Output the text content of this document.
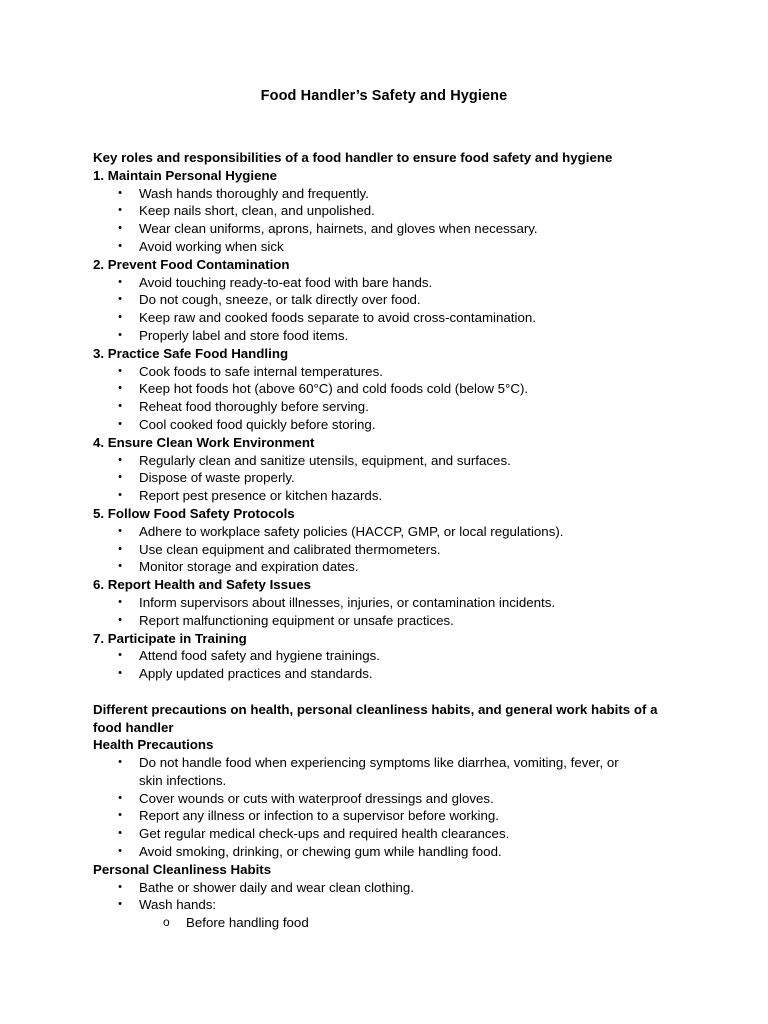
Food Handler’s Safety and Hygiene
Key roles and responsibilities of a food handler to ensure food safety and hygiene
1. Maintain Personal Hygiene
• Wash hands thoroughly and frequently.
• Keep nails short, clean, and unpolished.
• Wear clean uniforms, aprons, hairnets, and gloves when necessary.
• Avoid working when sick
2. Prevent Food Contamination
• Avoid touching ready-to-eat food with bare hands.
• Do not cough, sneeze, or talk directly over food.
• Keep raw and cooked foods separate to avoid cross-contamination.
• Properly label and store food items.
3. Practice Safe Food Handling
• Cook foods to safe internal temperatures.
• Keep hot foods hot (above 60°C) and cold foods cold (below 5°C).
• Reheat food thoroughly before serving.
• Cool cooked food quickly before storing.
4. Ensure Clean Work Environment
• Regularly clean and sanitize utensils, equipment, and surfaces.
• Dispose of waste properly.
• Report pest presence or kitchen hazards.
5. Follow Food Safety Protocols
• Adhere to workplace safety policies (HACCP, GMP, or local regulations).
• Use clean equipment and calibrated thermometers.
• Monitor storage and expiration dates.
6. Report Health and Safety Issues
• Inform supervisors about illnesses, injuries, or contamination incidents.
• Report malfunctioning equipment or unsafe practices.
7. Participate in Training
• Attend food safety and hygiene trainings.
• Apply updated practices and standards.
Different precautions on health, personal cleanliness habits, and general work habits of a
food handler
Health Precautions
• Do not handle food when experiencing symptoms like diarrhea, vomiting, fever, or
skin infections.
• Cover wounds or cuts with waterproof dressings and gloves.
• Report any illness or infection to a supervisor before working.
• Get regular medical check-ups and required health clearances.
• Avoid smoking, drinking, or chewing gum while handling food.
Personal Cleanliness Habits
• Bathe or shower daily and wear clean clothing.
• Wash hands:
o Before handling food
